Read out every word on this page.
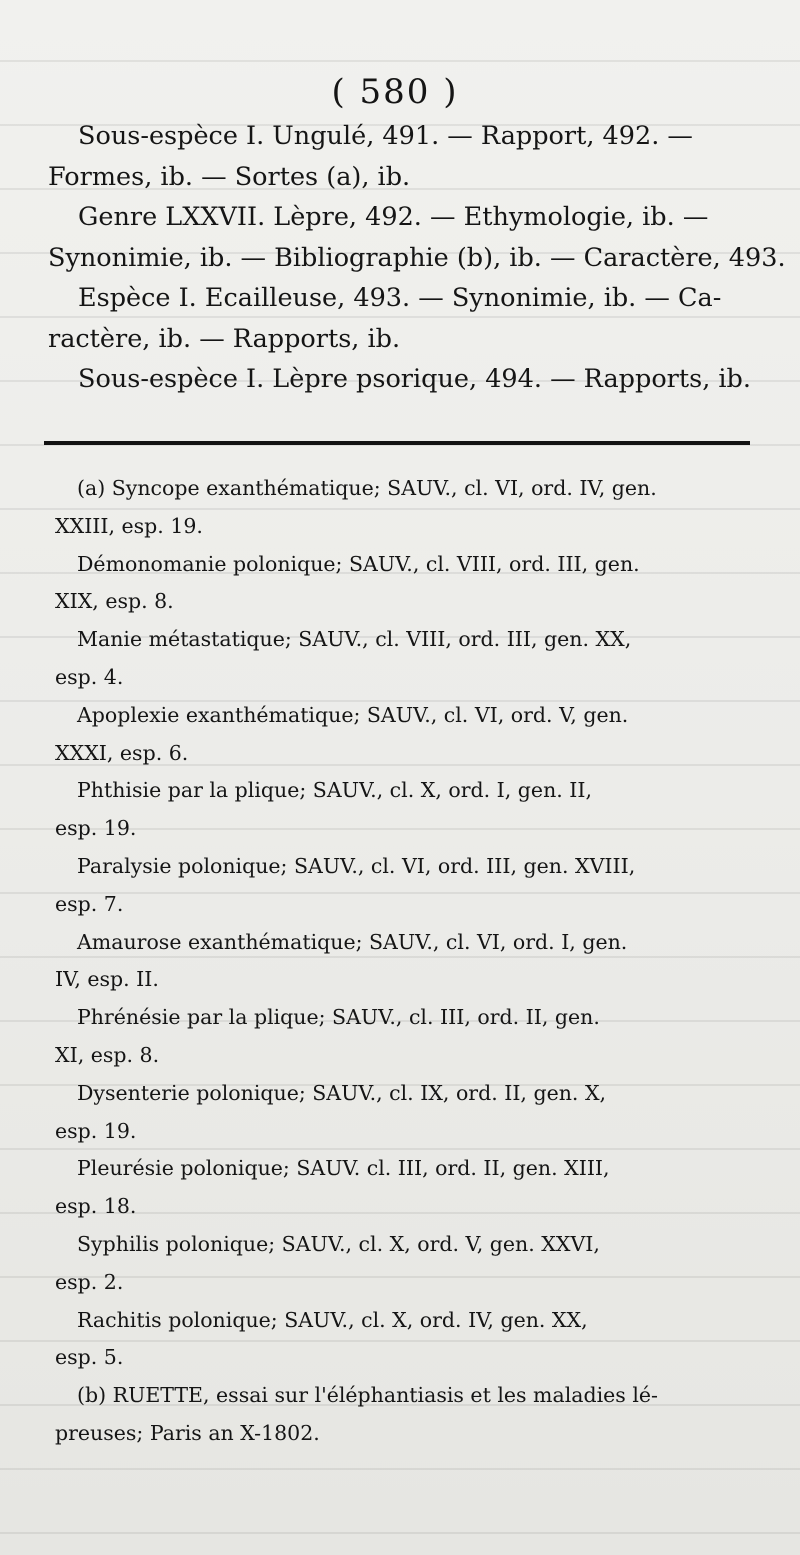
( 580 )

Sous-espèce I. Ungulé, 491. — Rapport, 492. —

Formes, ib. — Sortes (a), ib.

Genre LXXVII. Lèpre, 492. — Ethymologie, ib. —

Synonimie, ib. — Bibliographie (b), ib. — Caractère, 493.

Espèce I. Ecailleuse, 493. — Synonimie, ib. — Ca-

ractère, ib. — Rapports, ib.

Sous-espèce I. Lèpre psorique, 494. — Rapports, ib.

(a) Syncope exanthématique; SAUV., cl. VI, ord. IV, gen.
XXIII, esp. 19.
Démonomanie polonique; SAUV., cl. VIII, ord. III, gen.
XIX, esp. 8.
Manie métastatique; SAUV., cl. VIII, ord. III, gen. XX,
esp. 4.
Apoplexie exanthématique; SAUV., cl. VI, ord. V, gen.
XXXI, esp. 6.
Phthisie par la plique; SAUV., cl. X, ord. I, gen. II,
esp. 19.
Paralysie polonique; SAUV., cl. VI, ord. III, gen. XVIII,
esp. 7.
Amaurose exanthématique; SAUV., cl. VI, ord. I, gen.
IV, esp. II.
Phrénésie par la plique; SAUV., cl. III, ord. II, gen.
XI, esp. 8.
Dysenterie polonique; SAUV., cl. IX, ord. II, gen. X,
esp. 19.
Pleurésie polonique; SAUV. cl. III, ord. II, gen. XIII,
esp. 18.
Syphilis polonique; SAUV., cl. X, ord. V, gen. XXVI,
esp. 2.
Rachitis polonique; SAUV., cl. X, ord. IV, gen. XX,
esp. 5.
(b) RUETTE, essai sur l'éléphantiasis et les maladies lé-
preuses; Paris an X-1802.
